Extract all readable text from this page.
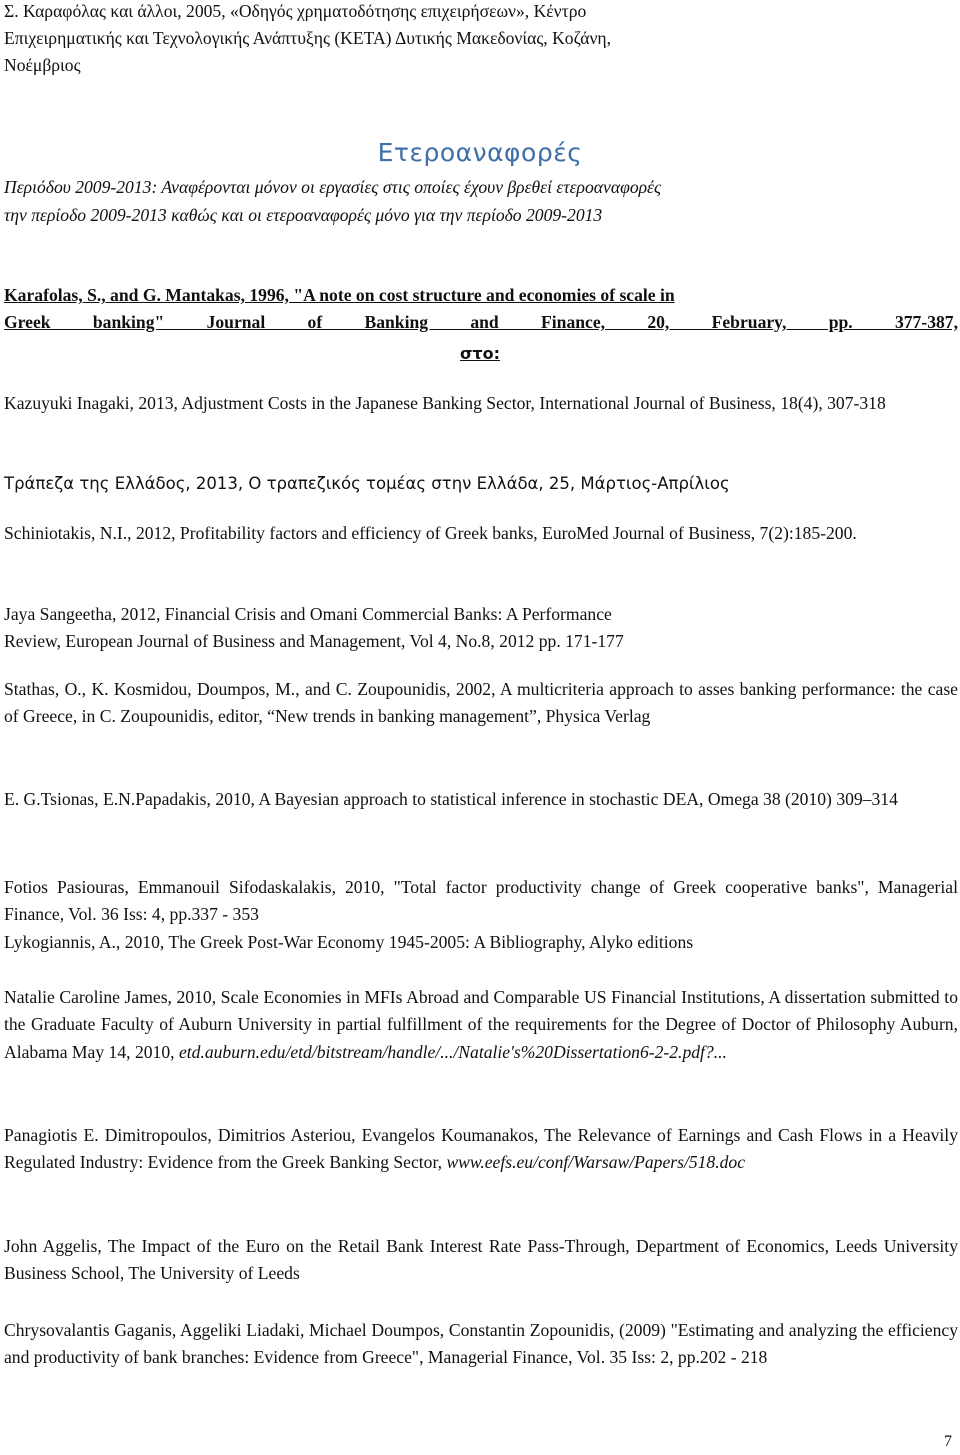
Σ. Καραφόλας και άλλοι, 2005, «Οδηγός χρηματοδότησης επιχειρήσεων», Κέντρο

Επιχειρηματικής και Τεχνολογικής Ανάπτυξης (ΚΕΤΑ) Δυτικής Μακεδονίας, Κοζάνη,

Νοέμβριος

Ετεροαναφορές

Περιόδου 2009-2013: Αναφέρονται μόνον οι εργασίες στις οποίες έχουν βρεθεί ετεροαναφορές

την περίοδο 2009-2013 καθώς και οι ετεροαναφορές μόνο για την περίοδο 2009-2013

Karafolas, S., and G. Mantakas, 1996, "A note on cost structure and economies of scale in

Greek banking" Journal of Banking and Finance, 20, February, pp. 377-387,

στο:

Kazuyuki Inagaki, 2013, Adjustment Costs in the Japanese Banking Sector, International Journal of Business, 18(4), 307-318

Τράπεζα της Ελλάδος, 2013, Ο τραπεζικός τομέας στην Ελλάδα, 25, Μάρτιος-Απρίλιος

Schiniotakis, N.I., 2012, Profitability factors and efficiency of Greek banks, EuroMed Journal of Business, 7(2):185-200.

Jaya Sangeetha, 2012, Financial Crisis and Omani Commercial Banks: A Performance

Review, European Journal of Business and Management, Vol 4, No.8, 2012 pp. 171-177

Stathas, O., K. Kosmidou, Doumpos, M., and C. Zoupounidis, 2002, A multicriteria approach to asses banking performance: the case of Greece, in C. Zoupounidis, editor, “New trends in banking management”, Physica Verlag

E. G.Tsionas, E.N.Papadakis, 2010, A Bayesian approach to statistical inference in stochastic DEA, Omega 38 (2010) 309–314

Fotios Pasiouras, Emmanouil Sifodaskalakis, 2010, "Total factor productivity change of Greek cooperative banks", Managerial Finance, Vol. 36 Iss: 4, pp.337 - 353

Lykogiannis, A., 2010, The Greek Post-War Economy 1945-2005: A Bibliography, Alyko editions

Natalie Caroline James, 2010, Scale Economies in MFIs Abroad and Comparable US Financial Institutions, A dissertation submitted to the Graduate Faculty of Auburn University in partial fulfillment of the requirements for the Degree of Doctor of Philosophy Auburn, Alabama May 14, 2010, etd.auburn.edu/etd/bitstream/handle/.../Natalie's%20Dissertation6-2-2.pdf?...

Panagiotis E. Dimitropoulos, Dimitrios Asteriou, Evangelos Koumanakos, The Relevance of Earnings and Cash Flows in a Heavily Regulated Industry: Evidence from the Greek Banking Sector, www.eefs.eu/conf/Warsaw/Papers/518.doc

John Aggelis, The Impact of the Euro on the Retail Bank Interest Rate Pass-Through, Department of Economics, Leeds University Business School, The University of Leeds

Chrysovalantis Gaganis, Aggeliki Liadaki, Michael Doumpos, Constantin Zopounidis, (2009) "Estimating and analyzing the efficiency and productivity of bank branches: Evidence from Greece", Managerial Finance, Vol. 35 Iss: 2, pp.202 - 218

7
